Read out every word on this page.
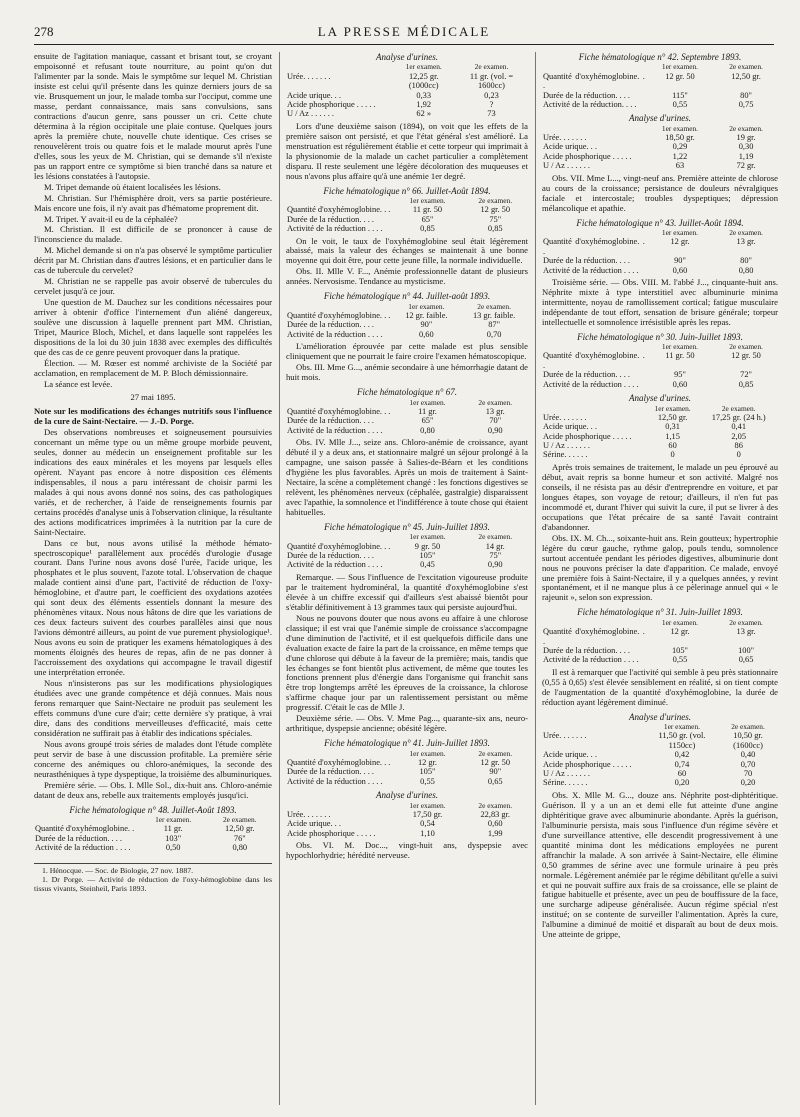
278	LA PRESSE MÉDICALE

ensuite de l'agitation maniaque, cassant et brisant tout, se croyant empoisonné et refusant toute nourriture, au point qu'on dut l'alimenter par la sonde. Mais le symptôme sur lequel M. Christian insiste est celui qu'il présente dans les quinze derniers jours de sa vie. Brusquement un jour, le malade tomba sur l'occiput, comme une masse, perdant connaissance, mais sans convulsions, sans contractions d'aucun genre, sans pousser un cri. Cette chute détermina à la région occipitale une plaie contuse. Quelques jours après la première chute, nouvelle chute identique. Ces crises se renouvelèrent trois ou quatre fois et le malade mourut après l'une d'elles, sous les yeux de M. Christian, qui se demande s'il n'existe pas un rapport entre ce symptôme si bien tranché dans sa nature et les lésions constatées à l'autopsie.

M. Tripet demande où étaient localisées les lésions.

M. Christian. Sur l'hémisphère droit, vers sa partie postérieure. Mais encore une fois, il n'y avait pas d'hématome proprement dit.

M. Tripet. Y avait-il eu de la céphalée?

M. Christian. Il est difficile de se prononcer à cause de l'inconscience du malade.

M. Michel demande si on n'a pas observé le symptôme particulier décrit par M. Christian dans d'autres lésions, et en particulier dans le cas de tubercule du cervelet?

M. Christian ne se rappelle pas avoir observé de tubercules du cervelet jusqu'à ce jour.

Une question de M. Dauchez sur les conditions nécessaires pour arriver à obtenir d'office l'internement d'un aliéné dangereux, soulève une discussion à laquelle prennent part MM. Christian, Tripet, Maurice Bloch, Michel, et dans laquelle sont rappelées les dispositions de la loi du 30 juin 1838 avec exemples des difficultés que des cas de ce genre peuvent provoquer dans la pratique.

Élection. — M. Rœser est nommé archiviste de la Société par acclamation, en remplacement de M. P. Bloch démissionnaire.

La séance est levée.

27 mai 1895.

Note sur les modifications des échanges nutritifs sous l'influence de la cure de Saint-Nectaire. — J.-D. Porge.

Des observations nombreuses et soigneusement poursuivies concernant un même type ou un même groupe morbide peuvent, seules, donner au médecin un enseignement profitable sur les indications des eaux minérales et les moyens par lesquels elles opèrent. N'ayant pas encore à notre disposition ces éléments indispensables, il nous a paru intéressant de choisir parmi les malades à qui nous avons donné nos soins, des cas pathologiques variés, et de rechercher, à l'aide de renseignements fournis par certains procédés d'analyse unis à l'observation clinique, la résultante des actions modificatrices imprimées à la nutrition par la cure de Saint-Nectaire.

Dans ce but, nous avons utilisé la méthode hémato-spectroscopique¹ parallèlement aux procédés d'urologie d'usage courant. Dans l'urine nous avons dosé l'urée, l'acide urique, les phosphates et le plus souvent, l'azote total. L'observation de chaque malade contient ainsi d'une part, l'activité de réduction de l'oxy-hémoglobine, et d'autre part, le coefficient des oxydations azotées qui sont deux des éléments essentiels donnant la mesure des phénomènes vitaux. Nous nous hâtons de dire que les variations de ces deux facteurs suivent des courbes parallèles ainsi que nous l'avions démontré ailleurs, au point de vue purement physiologique¹. Nous avons eu soin de pratiquer les examens hématologiques à des moments éloignés des heures de repas, afin de ne pas donner à l'accroissement des oxydations qui accompagne le travail digestif une interprétation erronée.

Nous n'insisterons pas sur les modifications physiologiques étudiées avec une grande compétence et déjà connues. Mais nous ferons remarquer que Saint-Nectaire ne produit pas seulement les effets communs d'une cure d'air; cette dernière s'y pratique, à vrai dire, dans des conditions merveilleuses d'efficacité, mais cette considération ne suffirait pas à établir des indications spéciales.

Nous avons groupé trois séries de malades dont l'étude complète peut servir de base à une discussion profitable. La première série concerne des anémiques ou chloro-anémiques, la seconde des neurasthéniques à type dyspeptique, la troisième des albuminuriques.

Première série. — Obs. I. Mlle Sol., dix-huit ans. Chloro-anémie datant de deux ans, rebelle aux traitements employés jusqu'ici.

Fiche hématologique n° 48. Juillet-Août 1893.
	1er examen.	2e examen.
Quantité d'oxyhémoglobine. .	11 gr.	12,50 gr.
Durée de la réduction. . . .	103"	76"
Activité de la réduction . . . .	0,50	0,80
1. Hénocque. — Soc. de Biologie, 27 nov. 1887.
1. Dr Porge. — Activité de réduction de l'oxy-hémoglobine dans les tissus vivants, Steinheil, Paris 1893.
Analyse d'urines.
	1er examen.	2e examen.
Urée. . . . . . .	12,25 gr. (1000cc)	11 gr. (vol. = 1600cc)
Acide urique. . .	0,33	0,23
Acide phosphorique . . . . .	1,92	?
U / Az . . . . . .	62 »	73

Lors d'une deuxième saison (1894), on voit que les effets de la première saison ont persisté, et que l'état général s'est amélioré. La menstruation est régulièrement établie et cette torpeur qui imprimait à la physionomie de la malade un cachet particulier a complètement disparu. Il reste seulement une légère décoloration des muqueuses et nous n'avons plus affaire qu'à une anémie 1er degré.

Fiche hématologique n° 66. Juillet-Août 1894.
	1er examen.	2e examen.
Quantité d'oxyhémoglobine. . .	11 gr. 50	12 gr. 50
Durée de la réduction. . . .	65"	75"
Activité de la réduction . . . .	0,85	0,85

On le voit, le taux de l'oxyhémoglobine seul était légèrement abaissé, mais la valeur des échanges se maintenait à une bonne moyenne qui doit être, pour cette jeune fille, la normale individuelle.

Obs. II. Mlle V. F..., Anémie professionnelle datant de plusieurs années. Nervosisme. Tendance au mysticisme.

Fiche hématologique n° 44. Juillet-août 1893.
	1er examen.	2e examen.
Quantité d'oxyhémoglobine. . .	12 gr. faible.	13 gr. faible.
Durée de la réduction. . . .	90"	87"
Activité de la réduction . . . .	0,60	0,70

L'amélioration éprouvée par cette malade est plus sensible cliniquement que ne pourrait le faire croire l'examen hématoscopique.

Obs. III. Mme G..., anémie secondaire à une hémorrhagie datant de huit mois.

Fiche hématologique n° 67.
	1er examen.	2e examen.
Quantité d'oxyhémoglobine. . .	11 gr.	13 gr.
Durée de la réduction. . . .	65"	70"
Activité de la réduction . . . .	0,80	0,90

Obs. IV. Mlle J..., seize ans. Chloro-anémie de croissance, ayant débuté il y a deux ans, et stationnaire malgré un séjour prolongé à la campagne, une saison passée à Salies-de-Béarn et les conditions d'hygiène les plus favorables. Après un mois de traitement à Saint-Nectaire, la scène a complètement changé : les fonctions digestives se relèvent, les phénomènes nerveux (céphalée, gastralgie) disparaissent avec l'apathie, la somnolence et l'indifférence à toute chose qui étaient habituelles.

Fiche hématologique n° 45. Juin-Juillet 1893.
	1er examen.	2e examen.
Quantité d'oxyhémoglobine. . .	9 gr. 50	14 gr.
Durée de la réduction. . . .	105"	75"
Activité de la réduction . . . .	0,45	0,90

Remarque. — Sous l'influence de l'excitation vigoureuse produite par le traitement hydrominéral, la quantité d'oxyhémoglobine s'est élevée à un chiffre excessif qui d'ailleurs s'est abaissé bientôt pour s'établir définitivement à 13 grammes taux qui persiste aujourd'hui.

Nous ne pouvons douter que nous avons eu affaire à une chlorose classique; il est vrai que l'anémie simple de croissance s'accompagne d'une diminution de l'activité, et il est quelquefois difficile dans une évaluation exacte de faire la part de la croissance, en même temps que d'une chlorose qui débute à la faveur de la première; mais, tandis que les échanges se font bientôt plus activement, de même que toutes les fonctions prennent plus d'énergie dans l'organisme qui franchit sans être trop longtemps arrêté les épreuves de la croissance, la chlorose s'affirme chaque jour par un ralentissement persistant ou même progressif. C'était le cas de Mlle J.

Deuxième série. — Obs. V. Mme Pag..., quarante-six ans, neuro-arthritique, dyspepsie ancienne; obésité légère.

Fiche hématologique n° 41. Juin-Juillet 1893.
	1er examen.	2e examen.
Quantité d'oxyhémoglobine. . .	12 gr.	12 gr. 50
Durée de la réduction. . . .	105"	90"
Activité de la réduction . . . .	0,55	0,65
Analyse d'urines.
	1er examen.	2e examen.
Urée. . . . . . .	17,50 gr.	22,83 gr.
Acide urique. . .	0,54	0,60
Acide phosphorique . . . . .	1,10	1,99

Obs. VI. M. Doc..., vingt-huit ans, dyspepsie avec hypochlorhydrie; hérédité nerveuse.

Fiche hématologique n° 42. Septembre 1893.
	1er examen.	2e examen.
Quantité d'oxyhémoglobine. . .	12 gr. 50	12,50 gr.
Durée de la réduction. . . .	115"	80"
Activité de la réduction. . . .	0,55	0,75
Analyse d'urines.
	1er examen.	2e examen.
Urée. . . . . . .	18,50 gr.	19 gr.
Acide urique. . .	0,29	0,30
Acide phosphorique . . . . .	1,22	1,19
U / Az . . . . . .	63	72 gr.

Obs. VII. Mme L..., vingt-neuf ans. Première atteinte de chlorose au cours de la croissance; persistance de douleurs névralgiques faciale et intercostale; troubles dyspeptiques; dépression mélancolique et apathie.

Fiche hématologique n° 43. Juillet-Août 1894.
	1er examen.	2e examen.
Quantité d'oxyhémoglobine. . .	12 gr.	13 gr.
Durée de la réduction. . . .	90"	80"
Activité de la réduction . . . .	0,60	0,80

Troisième série. — Obs. VIII. M. l'abbé J..., cinquante-huit ans. Néphrite mixte à type interstitiel avec albuminurie minima intermittente, noyau de ramollissement cortical; fatigue musculaire indépendante de tout effort, sensation de brisure générale; torpeur intellectuelle et somnolence irrésistible après les repas.

Fiche hématologique n° 30. Juin-Juillet 1893.
	1er examen.	2e examen.
Quantité d'oxyhémoglobine. . .	11 gr. 50	12 gr. 50
Durée de la réduction. . . .	95"	72"
Activité de la réduction . . . .	0,60	0,85
Analyse d'urines.
	1er examen.	2e examen.
Urée. . . . . . .	12,50 gr.	17,25 gr. (24 h.)
Acide urique. . .	0,31	0,41
Acide phosphorique . . . . .	1,15	2,05
U / Az . . . . . .	60	86
Sérine. . . . . .	0	0

Après trois semaines de traitement, le malade un peu éprouvé au début, avait repris sa bonne humeur et son activité. Malgré nos conseils, il ne résista pas au désir d'entreprendre en voiture, et par longues étapes, son voyage de retour; d'ailleurs, il n'en fut pas incommodé et, durant l'hiver qui suivit la cure, il put se livrer à des occupations que l'état précaire de sa santé l'avait contraint d'abandonner.

Obs. IX. M. Ch..., soixante-huit ans. Rein goutteux; hypertrophie légère du cœur gauche, rythme galop, pouls tendu, somnolence surtout accentuée pendant les périodes digestives, albuminurie dont nous ne pouvons préciser la date d'apparition. Ce malade, envoyé une première fois à Saint-Nectaire, il y a quelques années, y revint spontanément, et il ne manque plus à ce pèlerinage annuel qui « le rajeunit », selon son expression.

Fiche hématologique n° 31. Juin-Juillet 1893.
	1er examen.	2e examen.
Quantité d'oxyhémoglobine. . .	12 gr.	13 gr.
Durée de la réduction. . . .	105"	100"
Activité de la réduction . . . .	0,55	0,65

Il est à remarquer que l'activité qui semble à peu près stationnaire (0,55 à 0,65) s'est élevée sensiblement en réalité, si on tient compte de l'augmentation de la quantité d'oxyhémoglobine, la durée de réduction ayant légèrement diminué.

Analyse d'urines.
	1er examen.	2e examen.
Urée. . . . . . .	11,50 gr. (vol. 1150cc)	10,50 gr. (1600cc)
Acide urique. . .	0,42	0,40
Acide phosphorique . . . . .	0,74	0,70
U / Az . . . . . .	60	70
Sérine. . . . . .	0,20	0,20

Obs. X. Mlle M. G..., douze ans. Néphrite post-diphtéritique. Guérison. Il y a un an et demi elle fut atteinte d'une angine diphtéritique grave avec albuminurie abondante. Après la guérison, l'albuminurie persista, mais sous l'influence d'un régime sévère et d'une surveillance attentive, elle descendit progressivement à une quantité minima dont les médications employées ne purent affranchir la malade. A son arrivée à Saint-Nectaire, elle élimine 0,50 grammes de sérine avec une formule urinaire à peu près normale. Légèrement anémiée par le régime débilitant qu'elle a suivi et qui ne pouvait suffire aux frais de sa croissance, elle se plaint de fatigue habituelle et présente, avec un peu de bouffissure de la face, une surcharge adipeuse généralisée. Aucun régime spécial n'est institué; on se contente de surveiller l'alimentation. Après la cure, l'albumine a diminué de moitié et disparaît au bout de deux mois. Une atteinte de grippe,
